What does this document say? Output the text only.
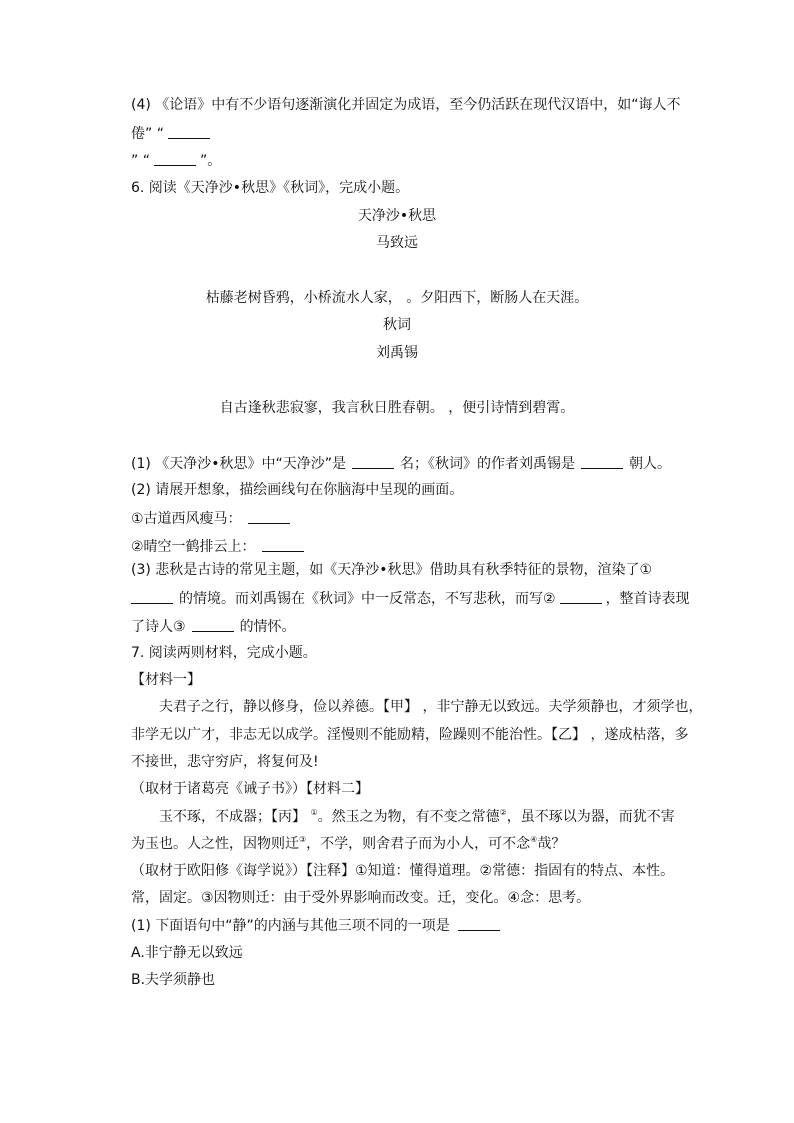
(4) 《论语》中有不少语句逐渐演化并固定为成语，至今仍活跃在现代汉语中，如“诲人不
倦” “
” “	”。
6. 阅读《天净沙•秋思》《秋词》，完成小题。
天净沙•秋思
马致远
枯藤老树昏鸦，小桥流水人家， 。夕阳西下，断肠人在天涯。
秋词
刘禹锡
自古逢秋悲寂寥，我言秋日胜春朝。 ，便引诗情到碧霄。
(1) 《天净沙•秋思》中“天净沙”是	名；《秋词》的作者刘禹锡是	朝人。
(2) 请展开想象，描绘画线句在你脑海中呈现的画面。
①古道西风瘦马：
②晴空一鹤排云上：
(3) 悲秋是古诗的常见主题，如《天净沙•秋思》借助具有秋季特征的景物，渲染了①
的情境。而刘禹锡在《秋词》中一反常态，不写悲秋，而写②	，整首诗表现
了诗人③	的情怀。
7. 阅读两则材料，完成小题。
【材料一】
夫君子之行，静以修身，俭以养德。【甲】 ，非宁静无以致远。夫学须静也，才须学也，
非学无以广才，非志无以成学。淫慢则不能励精，险躁则不能治性。【乙】 ，遂成枯落，多
不接世，悲守穷庐，将复何及!
（取材于诸葛亮《诫子书》）【材料二】
玉不琢，不成器；【丙】 ①。然玉之为物，有不变之常德②，虽不琢以为器，而犹不害
为玉也。人之性，因物则迁③，不学，则舍君子而为小人，可不念④哉？
（取材于欧阳修《诲学说》）【注释】①知道：懂得道理。②常德：指固有的特点、本性。
常，固定。③因物则迁：由于受外界影响而改变。迁，变化。④念：思考。
(1) 下面语句中“静”的内涵与其他三项不同的一项是
A.非宁静无以致远
B.夫学须静也
